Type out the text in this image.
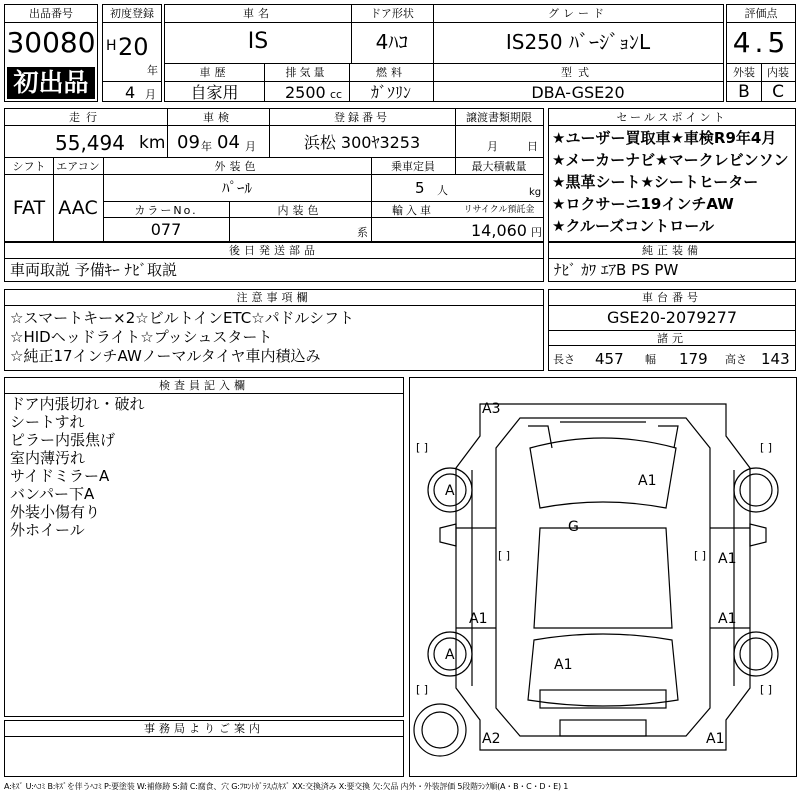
出品番号
30080
初出品
初度登録
H 20
年
4 月
車名
IS
ドア形状
4ﾊｺ
グレード
IS250 ﾊﾞｰｼﾞｮﾝL
車歴
自家用
排気量
2500 cc
燃料
ｶﾞｿﾘﾝ
型式
DBA-GSE20
評価点
4.5
外装	内装
B	C
走行
55,494 km
車検
09 年 04 月
登録番号
浜松 300ﾔ3253
譲渡書類期限
月	日
シフト
FAT
エアコン
AAC
外装色
ﾊﾟｰﾙ
乗車定員
5 人
最大積載量
kg
カラーNo.
077
内装色
系
輸入車	リサイクル預託金
14,060 円
セールスポイント
★ユーザー買取車★車検R9年4月
★メーカーナビ★マークレビンソン
★黒革シート★シートヒーター
★ロクサーニ19インチAW
★クルーズコントロール
後日発送部品
車両取説 予備ｷｰ ﾅﾋﾞ取説
純正装備
ﾅﾋﾞ ｶﾜ ｴｱB PS PW
注意事項欄
☆スマートキー×2☆ビルトインETC☆パドルシフト
☆HIDヘッドライト☆プッシュスタート
☆純正17インチAWノーマルタイヤ車内積込み
車台番号
GSE20-2079277
諸元
長さ 457 幅 179 高さ 143
検査員記入欄
ドア内張切れ・破れ
シートすれ
ピラー内張焦げ
室内薄汚れ
サイドミラーA
バンパー下A
外装小傷有り
外ホイール
事務局よりご案内
A3
A1
A
G
A1
A1	A1
A
A1
A2	A1
[ ]	[ ]
[ ]	[ ]
[ ]	[ ]
A:ｷｽﾞ U:ﾍｺﾐ B:ｷｽﾞを伴うﾍｺﾐ P:要塗装 W:補修跡 S:錆 C:腐食、穴 G:ﾌﾛﾝﾄｶﾞﾗｽ点ｷｽﾞ XX:交換済み X:要交換 欠:欠品 内外・外装評価 5段階ﾗﾝｸ順(A・B・C・D・E) 1
